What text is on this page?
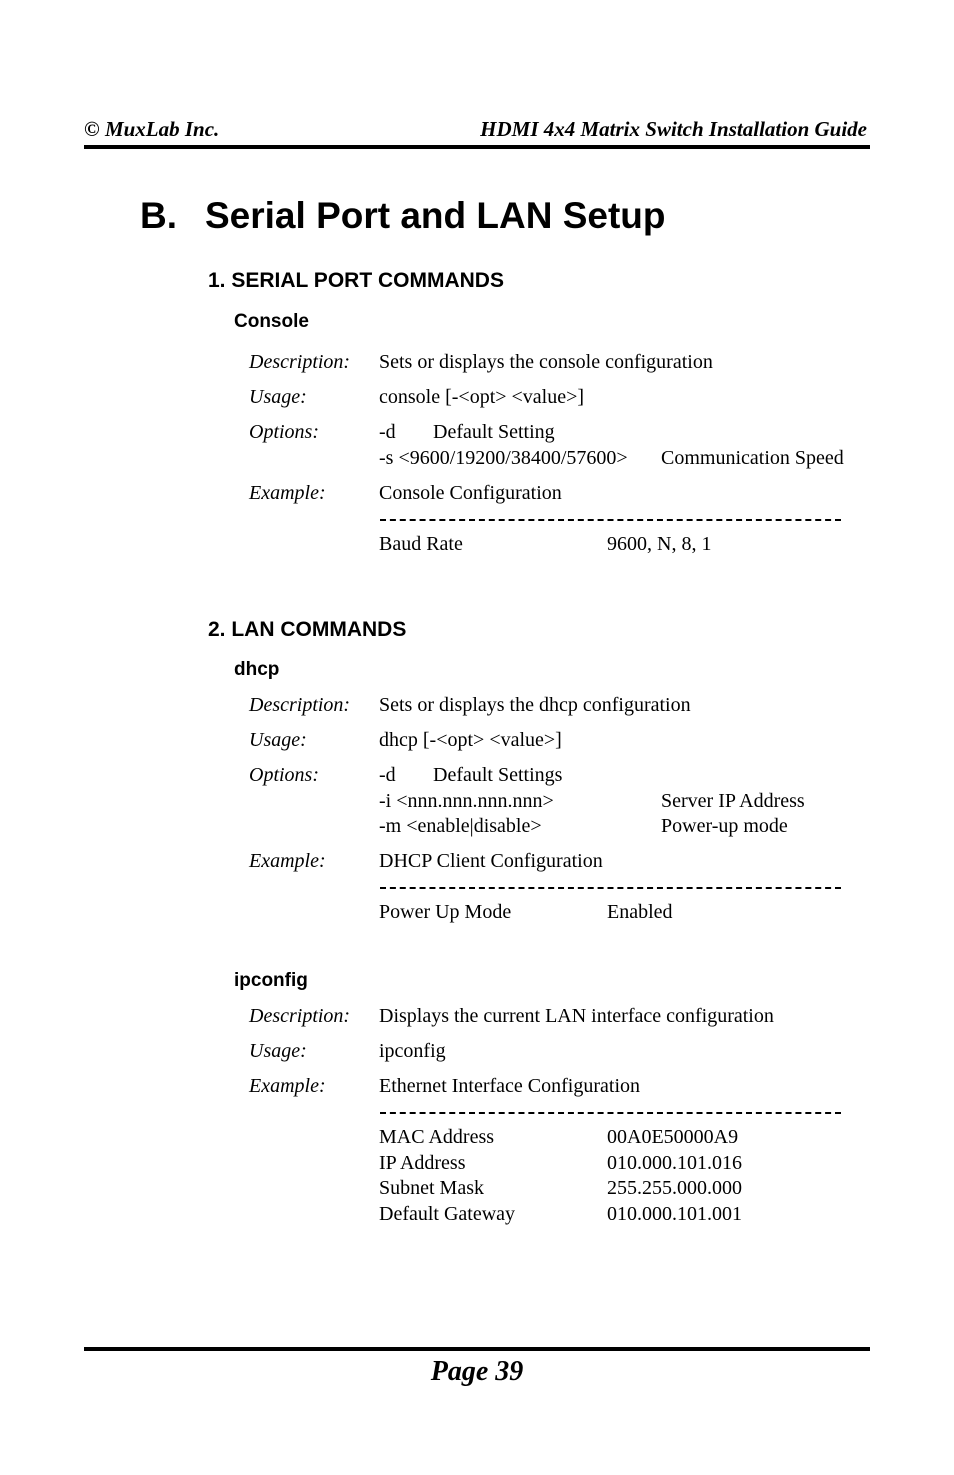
© MuxLab Inc.	HDMI 4x4 Matrix Switch Installation Guide
B. Serial Port and LAN Setup
1. SERIAL PORT COMMANDS
Console
Description: Sets or displays the console configuration
Usage:	console [-<opt> <value>]
Options:	-d Default Setting
-s <9600/19200/38400/57600> Communication Speed
Example:	Console Configuration
Baud Rate	9600, N, 8, 1
2. LAN COMMANDS
dhcp
Description: Sets or displays the dhcp configuration
Usage:	dhcp [-<opt> <value>]
Options:	-d Default Settings
-i <nnn.nnn.nnn.nnn>	Server IP Address
-m <enable|disable>	Power-up mode
Example:	DHCP Client Configuration
Power Up Mode	Enabled
ipconfig
Description: Displays the current LAN interface configuration
Usage:	ipconfig
Example:	Ethernet Interface Configuration
MAC Address	00A0E50000A9
IP Address	010.000.101.016
Subnet Mask	255.255.000.000
Default Gateway	010.000.101.001
Page 39
